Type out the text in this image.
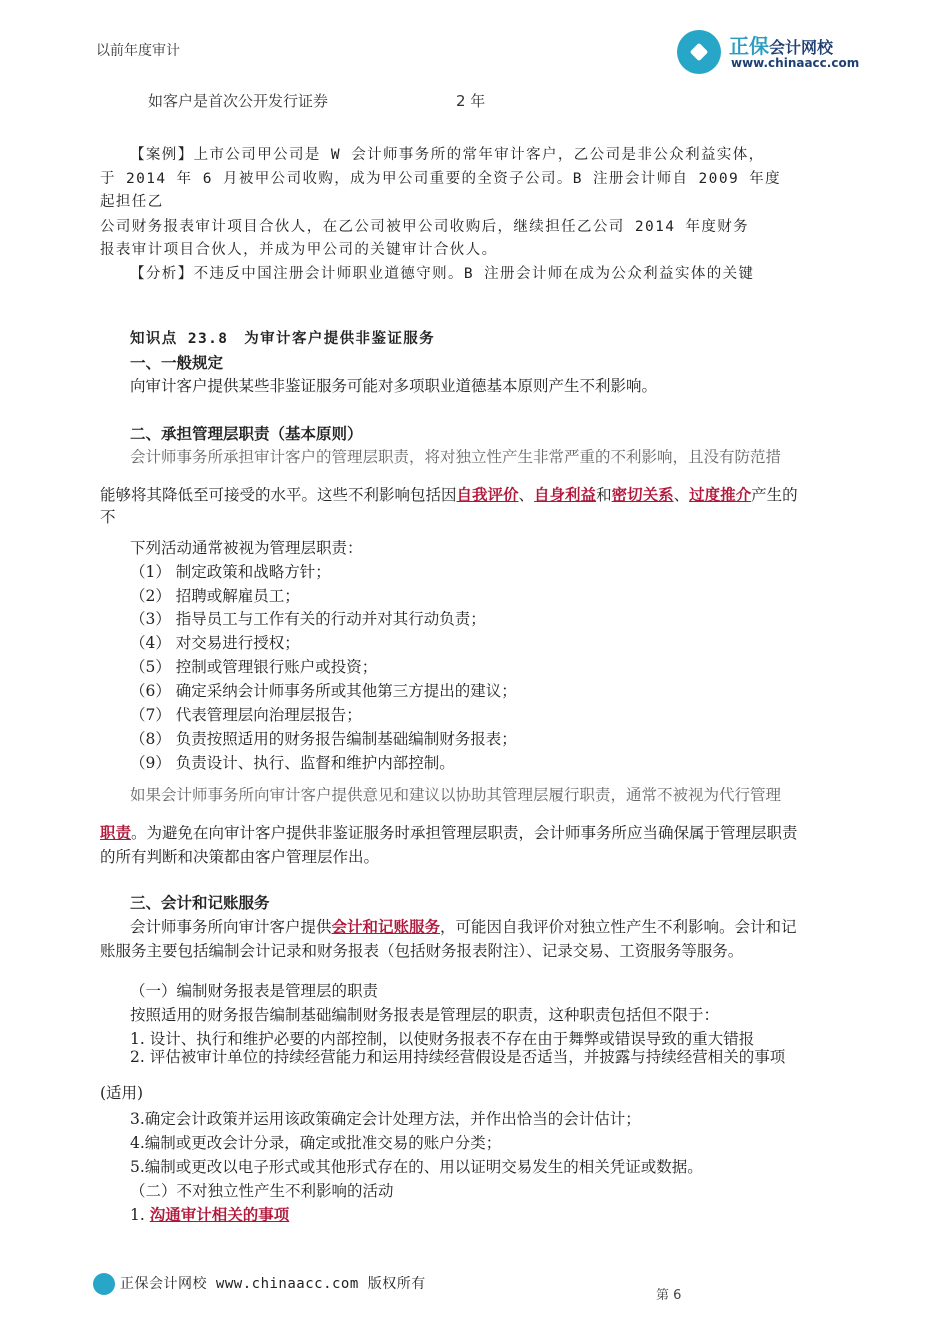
正保会计网校
www.chinaacc.com
以前年度审计
如客户是首次公开发行证券	2 年
【案例】上市公司甲公司是 W 会计师事务所的常年审计客户，乙公司是非公众利益实体，
于 2014 年 6 月被甲公司收购，成为甲公司重要的全资子公司。B 注册会计师自 2009 年度
起担任乙
公司财务报表审计项目合伙人，在乙公司被甲公司收购后，继续担任乙公司 2014 年度财务
报表审计项目合伙人，并成为甲公司的关键审计合伙人。
【分析】不违反中国注册会计师职业道德守则。B 注册会计师在成为公众利益实体的关键
知识点 23.8　为审计客户提供非鉴证服务
一、一般规定
向审计客户提供某些非鉴证服务可能对多项职业道德基本原则产生不利影响。
二、承担管理层职责（基本原则）
会计师事务所承担审计客户的管理层职责，将对独立性产生非常严重的不利影响，且没有防范措
能够将其降低至可接受的水平。这些不利影响包括因自我评价、自身利益和密切关系、过度推介产生的
不
下列活动通常被视为管理层职责：
（1） 制定政策和战略方针；
（2） 招聘或解雇员工；
（3） 指导员工与工作有关的行动并对其行动负责；
（4） 对交易进行授权；
（5） 控制或管理银行账户或投资；
（6） 确定采纳会计师事务所或其他第三方提出的建议；
（7） 代表管理层向治理层报告；
（8） 负责按照适用的财务报告编制基础编制财务报表；
（9） 负责设计、执行、监督和维护内部控制。
如果会计师事务所向审计客户提供意见和建议以协助其管理层履行职责，通常不被视为代行管理
职责。为避免在向审计客户提供非鉴证服务时承担管理层职责，会计师事务所应当确保属于管理层职责
的所有判断和决策都由客户管理层作出。
三、会计和记账服务
会计师事务所向审计客户提供会计和记账服务，可能因自我评价对独立性产生不利影响。会计和记
账服务主要包括编制会计记录和财务报表（包括财务报表附注）、记录交易、工资服务等服务。
（一）编制财务报表是管理层的职责
按照适用的财务报告编制基础编制财务报表是管理层的职责，这种职责包括但不限于：
1. 设计、执行和维护必要的内部控制，以使财务报表不存在由于舞弊或错误导致的重大错报
2. 评估被审计单位的持续经营能力和运用持续经营假设是否适当，并披露与持续经营相关的事项
(适用)
3.确定会计政策并运用该政策确定会计处理方法，并作出恰当的会计估计；
4.编制或更改会计分录，确定或批准交易的账户分类；
5.编制或更改以电子形式或其他形式存在的、用以证明交易发生的相关凭证或数据。
（二）不对独立性产生不利影响的活动
1. 沟通审计相关的事项
正保会计网校 www.chinaacc.com 版权所有
第 6
